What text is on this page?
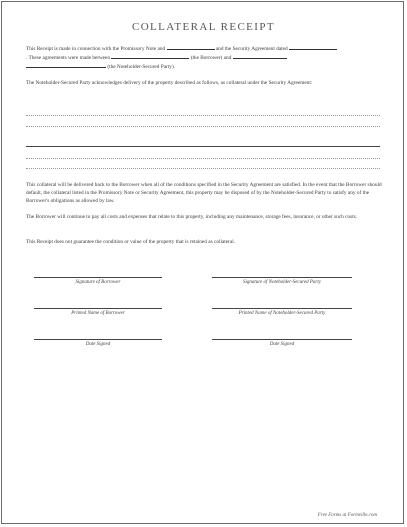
COLLATERAL RECEIPT
This Receipt is made in connection with the Promissory Note and	and the Security Agreement dated
. These agreements were made between	(the Borrower) and
(the Noteholder-Secured Party).
The Noteholder-Secured Party acknowledges delivery of the property described as follows, as collateral under the Security Agreement:
This collateral will be delivered back to the Borrower when all of the conditions specified in the Security Agreement are satisfied. In the event that the Borrower should default, the collateral listed in the Promissory Note or Security Agreement, this property may be disposed of by the Noteholder-Secured Party to satisfy any of the Borrower's obligations as allowed by law.
The Borrower will continue to pay all costs and expenses that relate to this property, including any maintenance, storage fees, insurance, or other such costs.
This Receipt does not guarantee the condition or value of the property that is retained as collateral.
Signature of Borrower	Signature of Noteholder-Secured Party
Printed Name of Borrower	Printed Name of Noteholder-Secured Party
Date Signed	Date Signed
Free Forms at Formville.com
